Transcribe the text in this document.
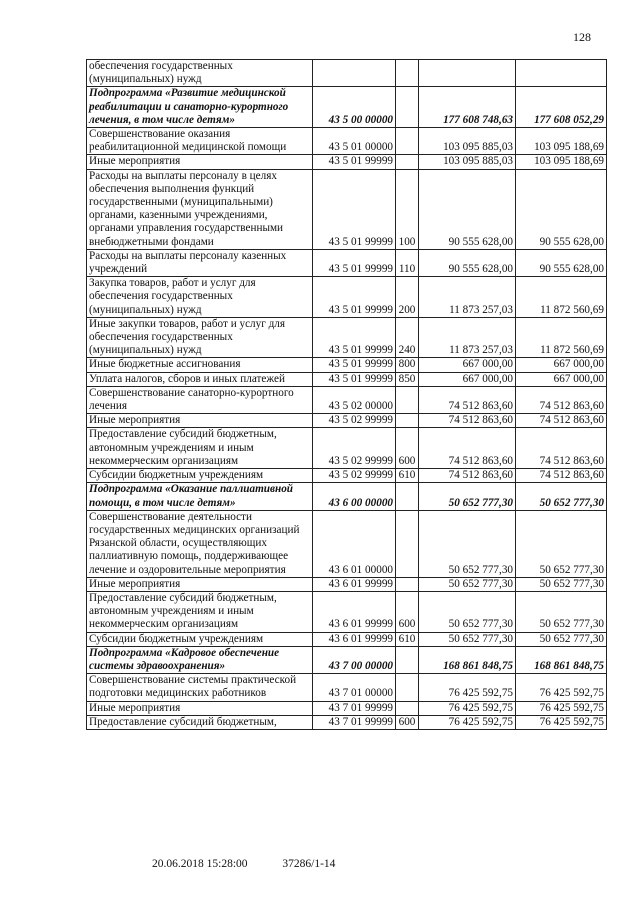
128
обеспечения государственных (муниципальных) нужд				
Подпрограмма «Развитие медицинской реабилитации и санаторно-курортного лечения, в том числе детям»	43 5 00 00000		177 608 748,63	177 608 052,29
Совершенствование оказания реабилитационной медицинской помощи	43 5 01 00000		103 095 885,03	103 095 188,69
Иные мероприятия	43 5 01 99999		103 095 885,03	103 095 188,69
Расходы на выплаты персоналу в целях обеспечения выполнения функций государственными (муниципальными) органами, казенными учреждениями, органами управления государственными внебюджетными фондами	43 5 01 99999	100	90 555 628,00	90 555 628,00
Расходы на выплаты персоналу казенных учреждений	43 5 01 99999	110	90 555 628,00	90 555 628,00
Закупка товаров, работ и услуг для обеспечения государственных (муниципальных) нужд	43 5 01 99999	200	11 873 257,03	11 872 560,69
Иные закупки товаров, работ и услуг для обеспечения государственных (муниципальных) нужд	43 5 01 99999	240	11 873 257,03	11 872 560,69
Иные бюджетные ассигнования	43 5 01 99999	800	667 000,00	667 000,00
Уплата налогов, сборов и иных платежей	43 5 01 99999	850	667 000,00	667 000,00
Совершенствование санаторно-курортного лечения	43 5 02 00000		74 512 863,60	74 512 863,60
Иные мероприятия	43 5 02 99999		74 512 863,60	74 512 863,60
Предоставление субсидий бюджетным, автономным учреждениям и иным некоммерческим организациям	43 5 02 99999	600	74 512 863,60	74 512 863,60
Субсидии бюджетным учреждениям	43 5 02 99999	610	74 512 863,60	74 512 863,60
Подпрограмма «Оказание паллиативной помощи, в том числе детям»	43 6 00 00000		50 652 777,30	50 652 777,30
Совершенствование деятельности государственных медицинских организаций Рязанской области, осуществляющих паллиативную помощь, поддерживающее лечение и оздоровительные мероприятия	43 6 01 00000		50 652 777,30	50 652 777,30
Иные мероприятия	43 6 01 99999		50 652 777,30	50 652 777,30
Предоставление субсидий бюджетным, автономным учреждениям и иным некоммерческим организациям	43 6 01 99999	600	50 652 777,30	50 652 777,30
Субсидии бюджетным учреждениям	43 6 01 99999	610	50 652 777,30	50 652 777,30
Подпрограмма «Кадровое обеспечение системы здравоохранения»	43 7 00 00000		168 861 848,75	168 861 848,75
Совершенствование системы практической подготовки медицинских работников	43 7 01 00000		76 425 592,75	76 425 592,75
Иные мероприятия	43 7 01 99999		76 425 592,75	76 425 592,75
Предоставление субсидий бюджетным,	43 7 01 99999	600	76 425 592,75	76 425 592,75
20.06.2018 15:28:00	37286/1-14
